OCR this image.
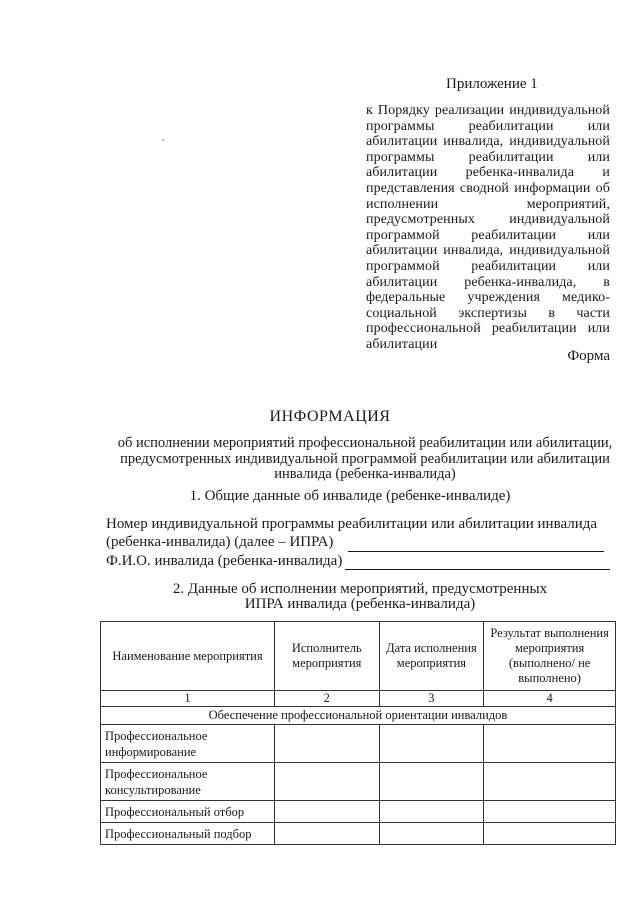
Приложение 1
к Порядку реализации индивидуальной программы реабилитации или абилитации инвалида, индивидуальной программы реабилитации или абилитации ребенка-инвалида и представления сводной информации об исполнении мероприятий, предусмотренных индивидуальной программой реабилитации или абилитации инвалида, индивидуальной программой реабилитации или абилитации ребенка-инвалида, в федеральные учреждения медико-социальной экспертизы в части профессиональной реабилитации или абилитации
Форма
ИНФОРМАЦИЯ
об исполнении мероприятий профессиональной реабилитации или абилитации, предусмотренных индивидуальной программой реабилитации или абилитации инвалида (ребенка-инвалида)
1. Общие данные об инвалиде (ребенке-инвалиде)
Номер индивидуальной программы реабилитации или абилитации инвалида
(ребенка-инвалида) (далее – ИПРА)
Ф.И.О. инвалида (ребенка-инвалида)
2. Данные об исполнении мероприятий, предусмотренных
ИПРА инвалида (ребенка-инвалида)
Наименование мероприятия	Исполнитель мероприятия	Дата исполнения мероприятия	Результат выполнения мероприятия (выполнено/ не выполнено)
1	2	3	4
Обеспечение профессиональной ориентации инвалидов			
Профессиональное информирование			
Профессиональное консультирование			
Профессиональный отбор			
Профессиональный подбор			
